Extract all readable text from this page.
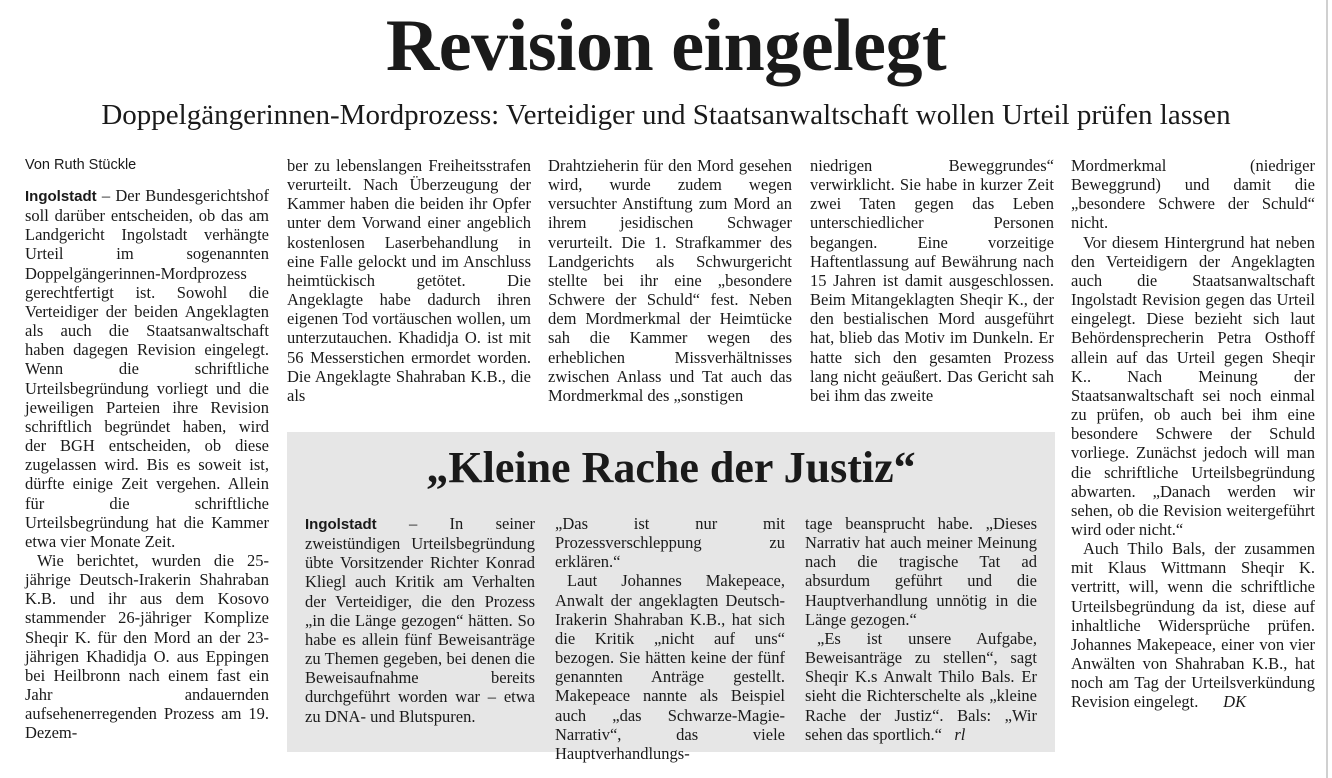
Revision eingelegt
Doppelgängerinnen-Mordprozess: Verteidiger und Staatsanwaltschaft wollen Urteil prüfen lassen
Von Ruth Stückle

Ingolstadt – Der Bundesgerichtshof soll darüber entscheiden, ob das am Landgericht Ingolstadt verhängte Urteil im sogenannten Doppelgängerinnen-Mordprozess gerechtfertigt ist. Sowohl die Verteidiger der beiden Angeklagten als auch die Staatsanwaltschaft haben dagegen Revision eingelegt. Wenn die schriftliche Urteilsbegründung vorliegt und die jeweiligen Parteien ihre Revision schriftlich begründet haben, wird der BGH entscheiden, ob diese zugelassen wird. Bis es soweit ist, dürfte einige Zeit vergehen. Allein für die schriftliche Urteilsbegründung hat die Kammer etwa vier Monate Zeit.

Wie berichtet, wurden die 25-jährige Deutsch-Irakerin Shahraban K.B. und ihr aus dem Kosovo stammender 26-jähriger Komplize Sheqir K. für den Mord an der 23-jährigen Khadidja O. aus Eppingen bei Heilbronn nach einem fast ein Jahr andauernden aufsehenerregenden Prozess am 19. Dezem-

ber zu lebenslangen Freiheitsstrafen verurteilt. Nach Überzeugung der Kammer haben die beiden ihr Opfer unter dem Vorwand einer angeblich kostenlosen Laserbehandlung in eine Falle gelockt und im Anschluss heimtückisch getötet. Die Angeklagte habe dadurch ihren eigenen Tod vortäuschen wollen, um unterzutauchen. Khadidja O. ist mit 56 Messerstichen ermordet worden. Die Angeklagte Shahraban K.B., die als

Drahtzieherin für den Mord gesehen wird, wurde zudem wegen versuchter Anstiftung zum Mord an ihrem jesidischen Schwager verurteilt. Die 1. Strafkammer des Landgerichts als Schwurgericht stellte bei ihr eine „besondere Schwere der Schuld“ fest. Neben dem Mordmerkmal der Heimtücke sah die Kammer wegen des erheblichen Missverhältnisses zwischen Anlass und Tat auch das Mordmerkmal des „sonstigen

niedrigen Beweggrundes“ verwirklicht. Sie habe in kurzer Zeit zwei Taten gegen das Leben unterschiedlicher Personen begangen. Eine vorzeitige Haftentlassung auf Bewährung nach 15 Jahren ist damit ausgeschlossen. Beim Mitangeklagten Sheqir K., der den bestialischen Mord ausgeführt hat, blieb das Motiv im Dunkeln. Er hatte sich den gesamten Prozess lang nicht geäußert. Das Gericht sah bei ihm das zweite

Mordmerkmal (niedriger Beweggrund) und damit die „besondere Schwere der Schuld“ nicht.

Vor diesem Hintergrund hat neben den Verteidigern der Angeklagten auch die Staatsanwaltschaft Ingolstadt Revision gegen das Urteil eingelegt. Diese bezieht sich laut Behördensprecherin Petra Osthoff allein auf das Urteil gegen Sheqir K.. Nach Meinung der Staatsanwaltschaft sei noch einmal zu prüfen, ob auch bei ihm eine besondere Schwere der Schuld vorliege. Zunächst jedoch will man die schriftliche Urteilsbegründung abwarten. „Danach werden wir sehen, ob die Revision weitergeführt wird oder nicht.“

Auch Thilo Bals, der zusammen mit Klaus Wittmann Sheqir K. vertritt, will, wenn die schriftliche Urteilsbegründung da ist, diese auf inhaltliche Widersprüche prüfen. Johannes Makepeace, einer von vier Anwälten von Shahraban K.B., hat noch am Tag der Urteilsverkündung Revision eingelegt. DK

„Kleine Rache der Justiz“

Ingolstadt – In seiner zweistündigen Urteilsbegründung übte Vorsitzender Richter Konrad Kliegl auch Kritik am Verhalten der Verteidiger, die den Prozess „in die Länge gezogen“ hätten. So habe es allein fünf Beweisanträge zu Themen gegeben, bei denen die Beweisaufnahme bereits durchgeführt worden war – etwa zu DNA- und Blutspuren.

„Das ist nur mit Prozessverschleppung zu erklären.“

Laut Johannes Makepeace, Anwalt der angeklagten Deutsch-Irakerin Shahraban K.B., hat sich die Kritik „nicht auf uns“ bezogen. Sie hätten keine der fünf genannten Anträge gestellt. Makepeace nannte als Beispiel auch „das Schwarze-Magie-Narrativ“, das viele Hauptverhandlungs-

tage beansprucht habe. „Dieses Narrativ hat auch meiner Meinung nach die tragische Tat ad absurdum geführt und die Hauptverhandlung unnötig in die Länge gezogen.“

„Es ist unsere Aufgabe, Beweisanträge zu stellen“, sagt Sheqir K.s Anwalt Thilo Bals. Er sieht die Richterschelte als „kleine Rache der Justiz“. Bals: „Wir sehen das sportlich.“ rl
